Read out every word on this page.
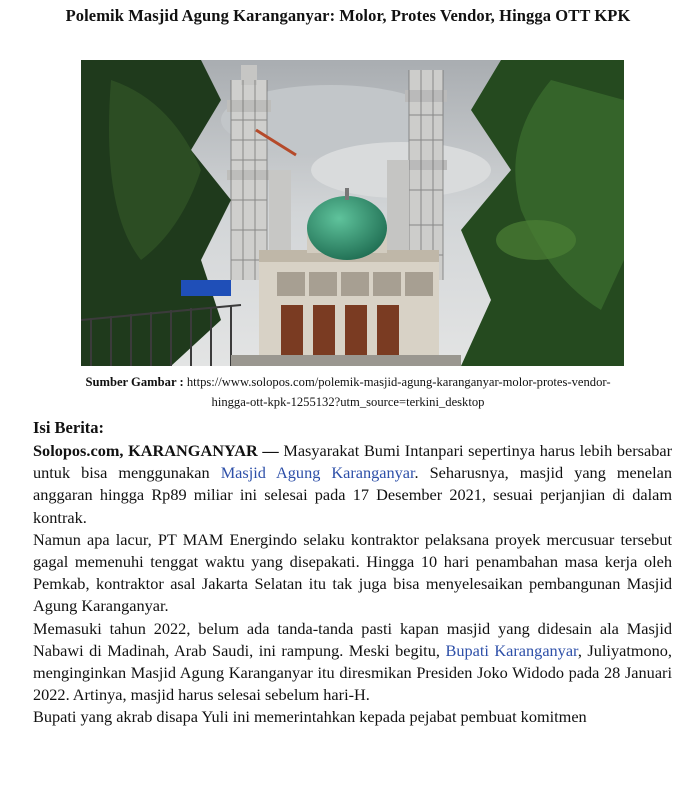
Polemik Masjid Agung Karanganyar: Molor, Protes Vendor, Hingga OTT KPK
Sumber Gambar : https://www.solopos.com/polemik-masjid-agung-karanganyar-molor-protes-vendor-
hingga-ott-kpk-1255132?utm_source=terkini_desktop
Isi Berita:

Solopos.com, KARANGANYAR — Masyarakat Bumi Intanpari sepertinya harus lebih bersabar untuk bisa menggunakan Masjid Agung Karanganyar. Seharusnya, masjid yang menelan anggaran hingga Rp89 miliar ini selesai pada 17 Desember 2021, sesuai perjanjian di dalam kontrak.

Namun apa lacur, PT MAM Energindo selaku kontraktor pelaksana proyek mercusuar tersebut gagal memenuhi tenggat waktu yang disepakati. Hingga 10 hari penambahan masa kerja oleh Pemkab, kontraktor asal Jakarta Selatan itu tak juga bisa menyelesaikan pembangunan Masjid Agung Karanganyar.

Memasuki tahun 2022, belum ada tanda-tanda pasti kapan masjid yang didesain ala Masjid Nabawi di Madinah, Arab Saudi, ini rampung. Meski begitu, Bupati Karanganyar, Juliyatmono, menginginkan Masjid Agung Karanganyar itu diresmikan Presiden Joko Widodo pada 28 Januari 2022. Artinya, masjid harus selesai sebelum hari-H.

Bupati yang akrab disapa Yuli ini memerintahkan kepada pejabat pembuat komitmen
